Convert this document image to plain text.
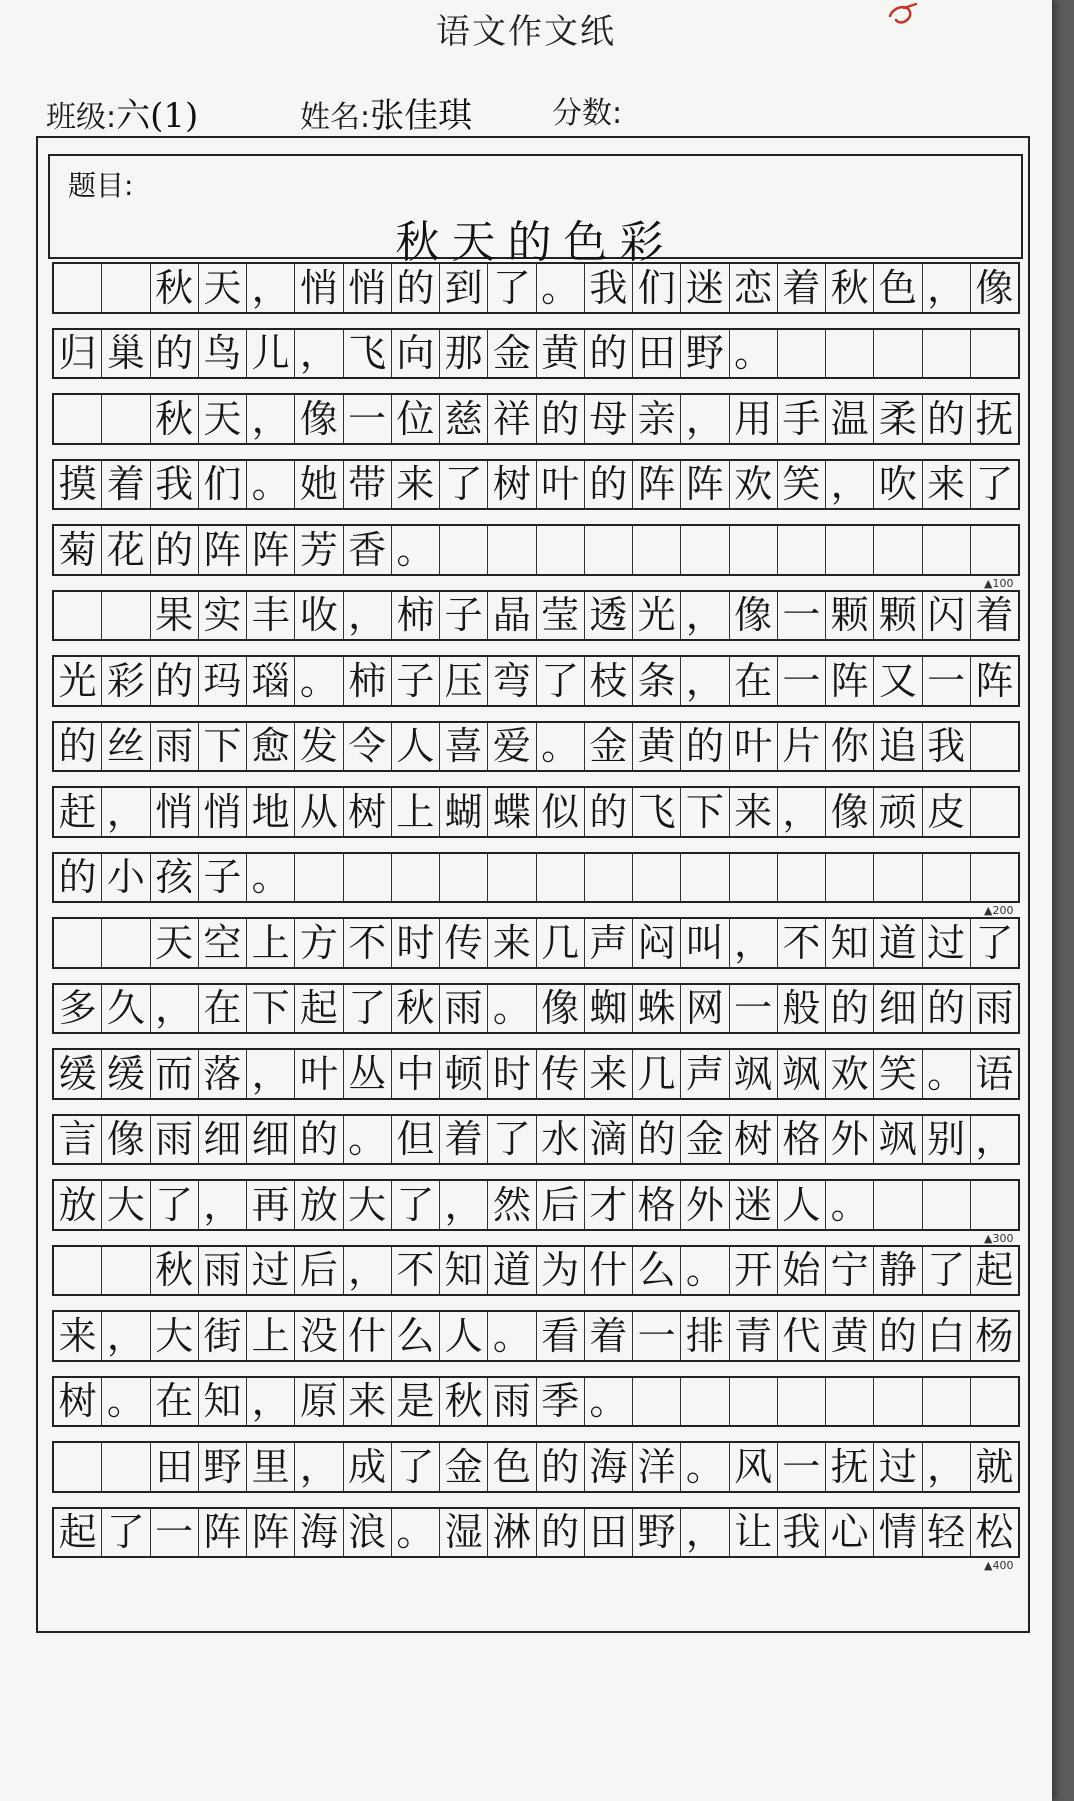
语文作文纸
班级:六(1)	姓名:张佳琪	分数:
题目:
秋天的色彩
秋 天 ， 悄 悄 的 到 了 。 我 们 迷 恋 着 秋 色 ， 像
归 巢 的 鸟 儿 ， 飞 向 那 金 黄 的 田 野 。
秋 天 ， 像 一 位 慈 祥 的 母 亲 ， 用 手 温 柔 的 抚
摸 着 我 们 。 她 带 来 了 树 叶 的 阵 阵 欢 笑 ， 吹 来 了
菊 花 的 阵 阵 芳 香 。
果 实 丰 收 ， 柿 子 晶 莹 透 光 ， 像 一 颗 颗 闪 着
光 彩 的 玛 瑙 。 柿 子 压 弯 了 枝 条 ， 在 一 阵 又 一 阵
的 丝 雨 下 愈 发 令 人 喜 爱 。 金 黄 的 叶 片 你 追 我
赶 ， 悄 悄 地 从 树 上 蝴 蝶 似 的 飞 下 来 ， 像 顽 皮
的 小 孩 子 。
天 空 上 方 不 时 传 来 几 声 闷 叫 ， 不 知 道 过 了
多 久 ， 在 下 起 了 秋 雨 。 像 蜘 蛛 网 一 般 的 细 的 雨
缓 缓 而 落 ， 叶 丛 中 顿 时 传 来 几 声 飒 飒 欢 笑 。 语
言 像 雨 细 细 的 。 但 着 了 水 滴 的 金 树 格 外 飒 别 ，
放 大 了 ， 再 放 大 了 ， 然 后 才 格 外 迷 人 。
秋 雨 过 后 ， 不 知 道 为 什 么 。 开 始 宁 静 了 起
来 ， 大 街 上 没 什 么 人 。 看 着 一 排 青 代 黄 的 白 杨
树 。 在 知 ， 原 来 是 秋 雨 季 。
田 野 里 ， 成 了 金 色 的 海 洋 。 风 一 抚 过 ， 就
起 了 一 阵 阵 海 浪 。 湿 淋 的 田 野 ， 让 我 心 情 轻 松
▲100
▲200
▲300
▲400
